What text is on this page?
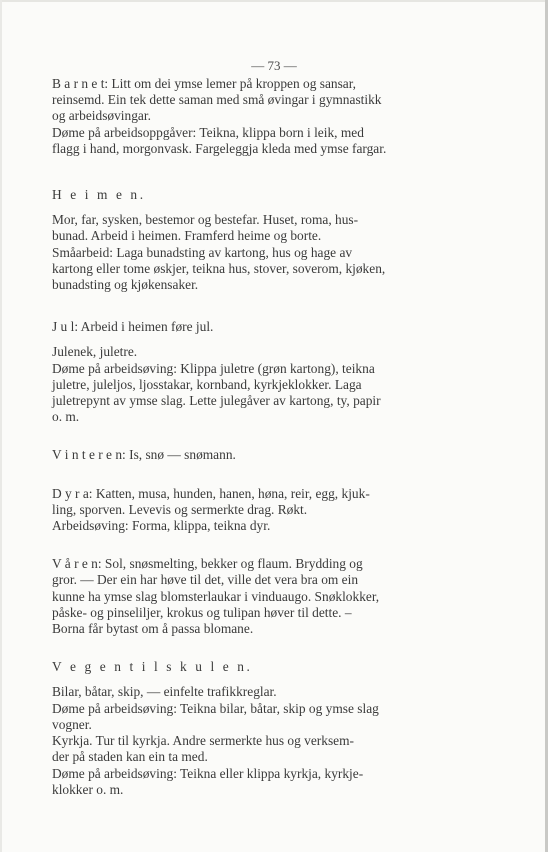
— 73 —
B a r n e t: Litt om dei ymse lemer på kroppen og sansar,
reinsemd. Ein tek dette saman med små øvingar i gymnastikk
og arbeidsøvingar.
Døme på arbeidsoppgåver: Teikna, klippa born i leik, med
flagg i hand, morgonvask. Fargeleggja kleda med ymse fargar.
H e i m e n.
Mor, far, sysken, bestemor og bestefar. Huset, roma, hus-
bunad. Arbeid i heimen. Framferd heime og borte.
Småarbeid: Laga bunadsting av kartong, hus og hage av
kartong eller tome øskjer, teikna hus, stover, soverom, kjøken,
bunadsting og kjøkensaker.
J u l: Arbeid i heimen føre jul.
Julenek, juletre.
Døme på arbeidsøving: Klippa juletre (grøn kartong), teikna
juletre, juleljos, ljosstakar, kornband, kyrkjeklokker. Laga
juletrepynt av ymse slag. Lette julegåver av kartong, ty, papir
o. m.
V i n t e r e n: Is, snø — snømann.
D y r a: Katten, musa, hunden, hanen, høna, reir, egg, kjuk-
ling, sporven. Levevis og sermerkte drag. Røkt.
Arbeidsøving: Forma, klippa, teikna dyr.
V å r e n: Sol, snøsmelting, bekker og flaum. Brydding og
gror. — Der ein har høve til det, ville det vera bra om ein
kunne ha ymse slag blomsterlaukar i vinduaugo. Snøklokker,
påske- og pinseliljer, krokus og tulipan høver til dette. –
Borna får bytast om å passa blomane.
V e g e n t i l s k u l e n.
Bilar, båtar, skip, — einfelte trafikkreglar.
Døme på arbeidsøving: Teikna bilar, båtar, skip og ymse slag
vogner.
Kyrkja. Tur til kyrkja. Andre sermerkte hus og verksem-
der på staden kan ein ta med.
Døme på arbeidsøving: Teikna eller klippa kyrkja, kyrkje-
klokker o. m.
